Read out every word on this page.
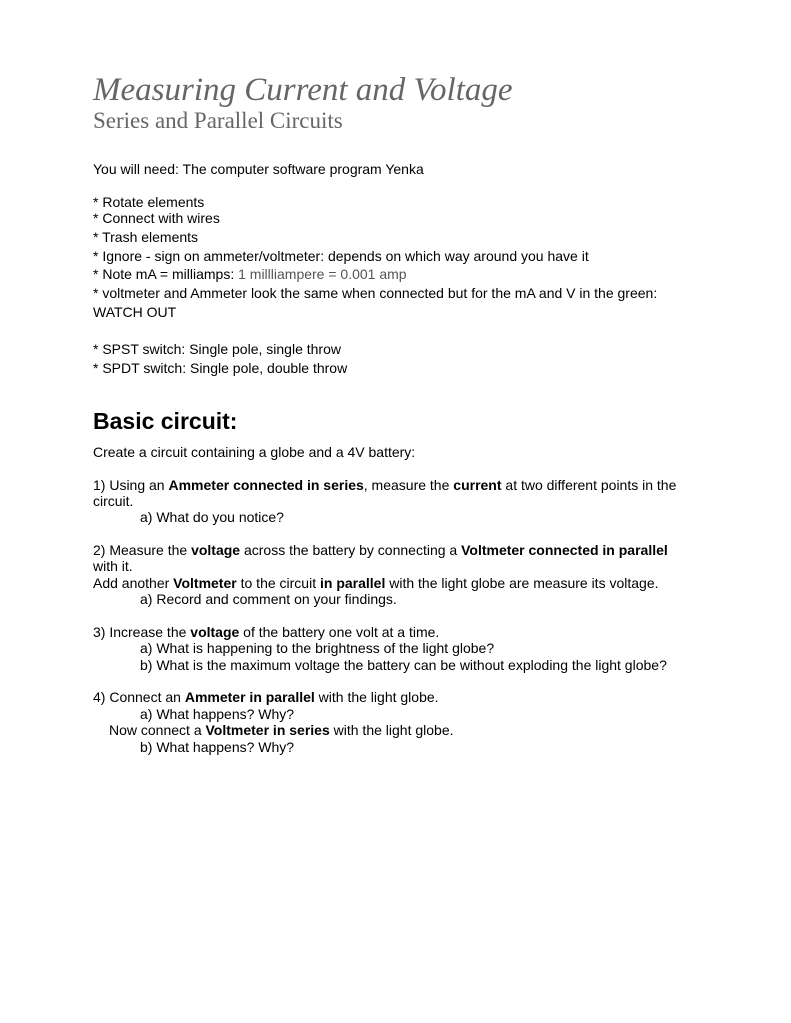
Measuring Current and Voltage
Series and Parallel Circuits
You will need: The computer software program Yenka
* Rotate elements
* Connect with wires
* Trash elements
* Ignore - sign on ammeter/voltmeter: depends on which way around you have it
* Note mA = milliamps: 1 millliampere = 0.001 amp
* voltmeter and Ammeter look the same when connected but for the mA and V in the green:
WATCH OUT
* SPST switch: Single pole, single throw
* SPDT switch: Single pole, double throw
Basic circuit:
Create a circuit containing a globe and a 4V battery:
1) Using an Ammeter connected in series, measure the current at two different points in the
circuit.
a) What do you notice?
2) Measure the voltage across the battery by connecting a Voltmeter connected in parallel
with it.
Add another Voltmeter to the circuit in parallel with the light globe are measure its voltage.
a) Record and comment on your findings.
3) Increase the voltage of the battery one volt at a time.
a) What is happening to the brightness of the light globe?
b) What is the maximum voltage the battery can be without exploding the light globe?
4) Connect an Ammeter in parallel with the light globe.
a) What happens? Why?
Now connect a Voltmeter in series with the light globe.
b) What happens? Why?
